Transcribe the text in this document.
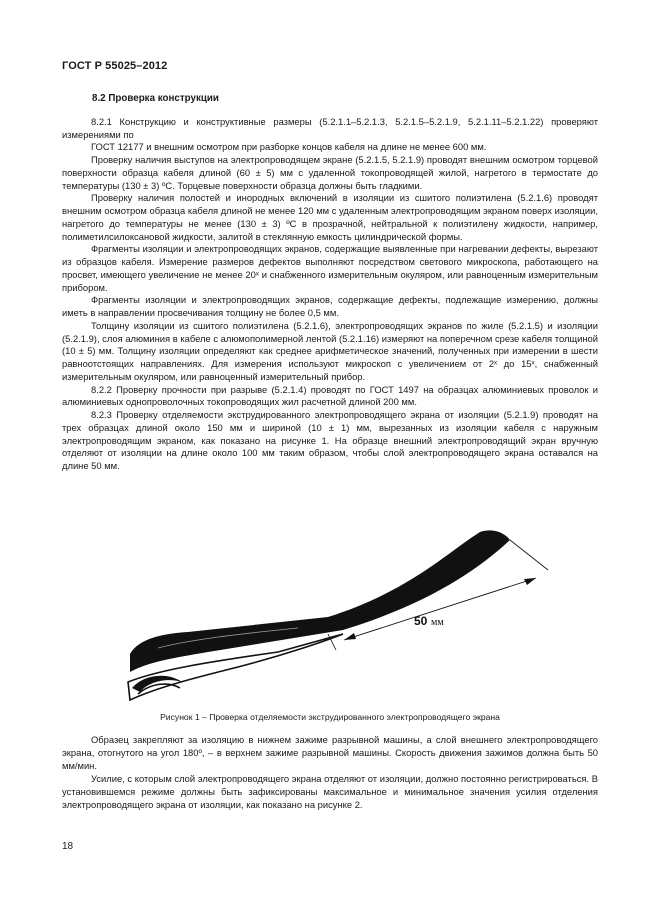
ГОСТ Р 55025–2012
8.2 Проверка конструкции

8.2.1 Конструкцию и конструктивные размеры (5.2.1.1–5.2.1.3, 5.2.1.5–5.2.1.9, 5.2.1.11–5.2.1.22) проверяют измерениями по

ГОСТ 12177 и внешним осмотром при разборке концов кабеля на длине не менее 600 мм.

Проверку наличия выступов на электропроводящем экране (5.2.1.5, 5.2.1.9) проводят внешним осмотром торцевой поверхности образца кабеля длиной (60 ± 5) мм с удаленной токопроводящей жилой, нагретого в термостате до температуры (130 ± 3) ºС. Торцевые поверхности образца должны быть гладкими.

Проверку наличия полостей и инородных включений в изоляции из сшитого полиэтилена (5.2.1.6) проводят внешним осмотром образца кабеля длиной не менее 120 мм с удаленным электропроводящим экраном поверх изоляции, нагретого до температуры не менее (130 ± 3) ºС в прозрачной, нейтральной к полиэтилену жидкости, например, полиметилсилоксановой жидкости, залитой в стеклянную емкость цилиндрической формы.

Фрагменты изоляции и электропроводящих экранов, содержащие выявленные при нагревании дефекты, вырезают из образцов кабеля. Измерение размеров дефектов выполняют посредством светового микроскопа, работающего на просвет, имеющего увеличение не менее 20ˣ и снабженного измерительным окуляром, или равноценным измерительным прибором.

Фрагменты изоляции и электропроводящих экранов, содержащие дефекты, подлежащие измерению, должны иметь в направлении просвечивания толщину не более 0,5 мм.

Толщину изоляции из сшитого полиэтилена (5.2.1.6), электропроводящих экранов по жиле (5.2.1.5) и изоляции (5.2.1.9), слоя алюминия в кабеле с алюмополимерной лентой (5.2.1.16) измеряют на поперечном срезе кабеля толщиной (10 ± 5) мм. Толщину изоляции определяют как среднее арифметическое значений, полученных при измерении в шести равноотстоящих направлениях. Для измерения используют микроскоп с увеличением от 2ˣ до 15ˣ, снабженный измерительным окуляром, или равноценный измерительный прибор.

8.2.2 Проверку прочности при разрыве (5.2.1.4) проводят по ГОСТ 1497 на образцах алюминиевых проволок и алюминиевых однопроволочных токопроводящих жил расчетной длиной 200 мм.

8.2.3 Проверку отделяемости экструдированного электропроводящего экрана от изоляции (5.2.1.9) проводят на трех образцах длиной около 150 мм и шириной (10 ± 1) мм, вырезанных из изоляции кабеля с наружным электропроводящим экраном, как показано на рисунке 1. На образце внешний электропроводящий экран вручную отделяют от изоляции на длине около 100 мм таким образом, чтобы слой электропроводящего экрана оставался на длине 50 мм.

50 мм
Рисунок 1 – Проверка отделяемости экструдированного электропроводящего экрана

Образец закрепляют за изоляцию в нижнем зажиме разрывной машины, а слой внешнего электропроводящего экрана, отогнутого на угол 180º, – в верхнем зажиме разрывной машины. Скорость движения зажимов должна быть 50 мм/мин.

Усилие, с которым слой электропроводящего экрана отделяют от изоляции, должно постоянно регистрироваться. В установившемся режиме должны быть зафиксированы максимальное и минимальное значения усилия отделения электропроводящего экрана от изоляции, как показано на рисунке 2.

18
